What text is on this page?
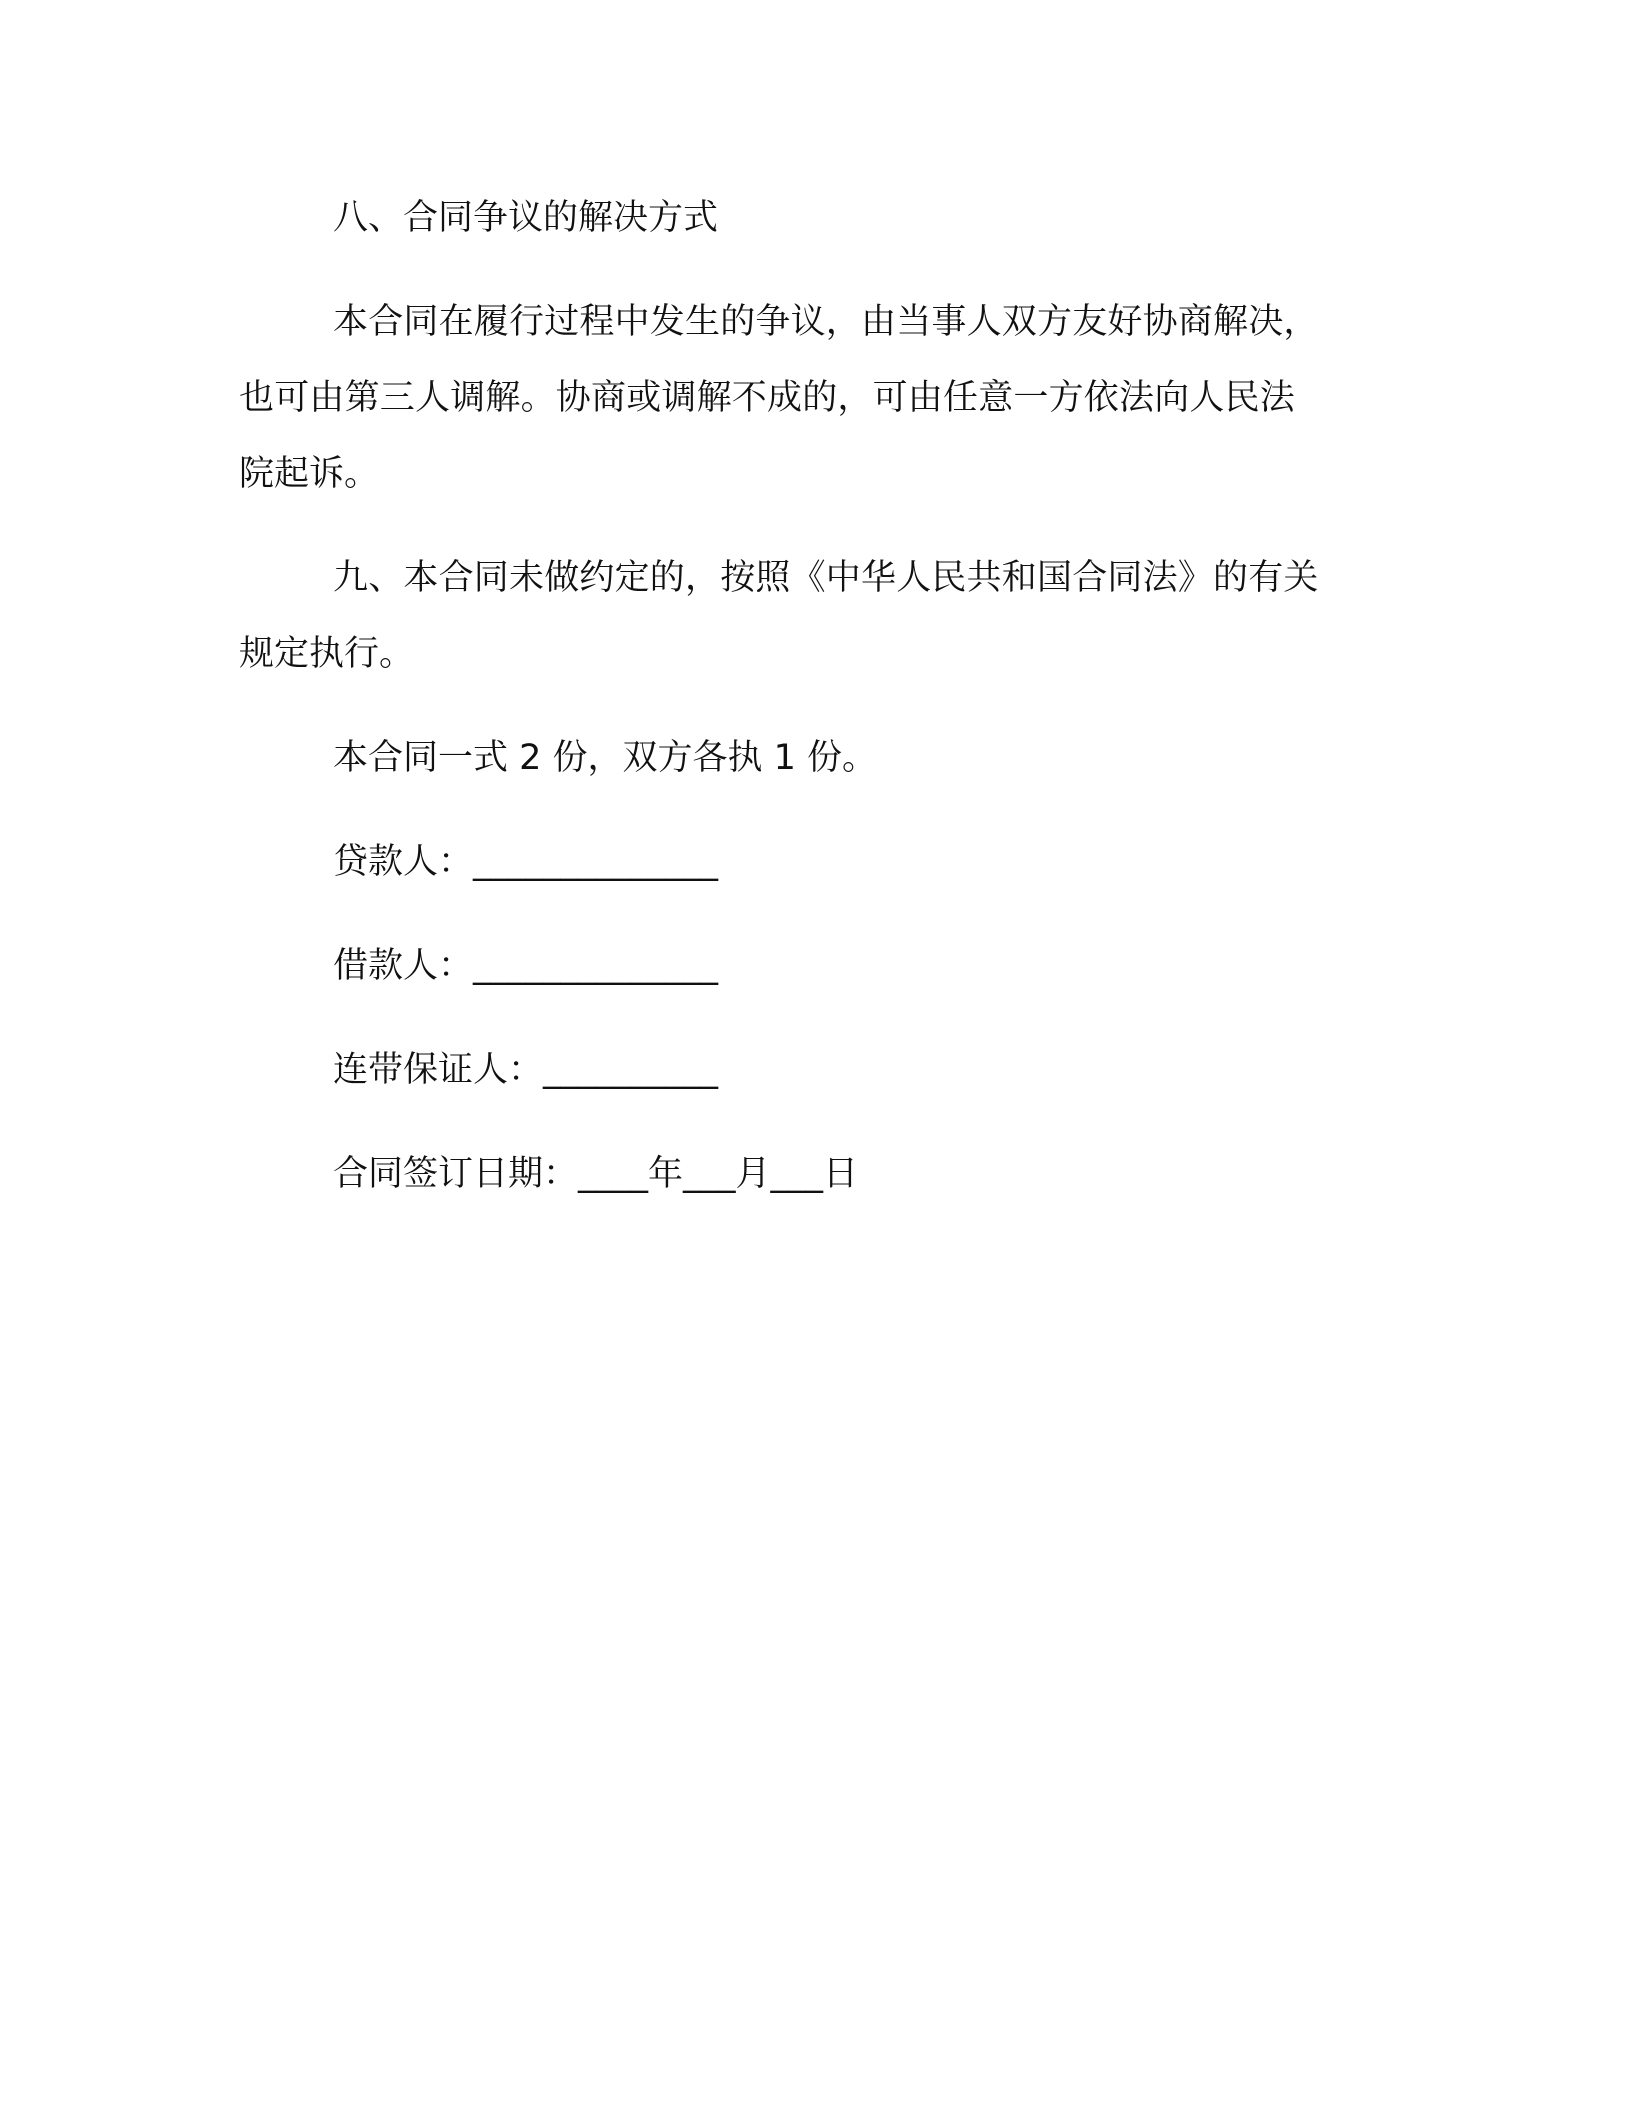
八、合同争议的解决方式

本合同在履行过程中发生的争议，由当事人双方友好协商解决，

也可由第三人调解。协商或调解不成的，可由任意一方依法向人民法

院起诉。

九、本合同未做约定的，按照《中华人民共和国合同法》的有关

规定执行。

本合同一式 2 份，双方各执 1 份。

贷款人：______________

借款人：______________

连带保证人：__________

合同签订日期：____年___月___日
